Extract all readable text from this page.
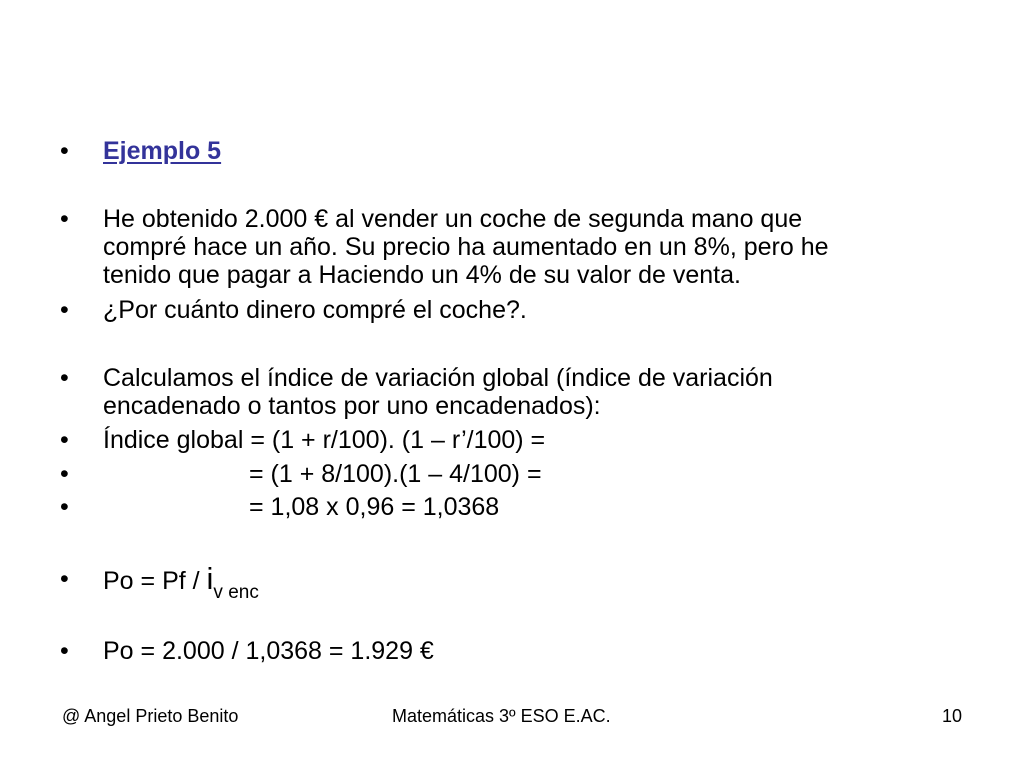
•	Ejemplo 5
•	He obtenido 2.000 € al vender un coche de segunda mano que
compré hace un año. Su precio ha aumentado en un 8%, pero he
tenido que pagar a Haciendo un 4% de su valor de venta.
•	¿Por cuánto dinero compré el coche?.
•	Calculamos el índice de variación global (índice de variación
encadenado o tantos por uno encadenados):
•	Índice global = (1 + r/100). (1 – r’/100) =
•	= (1 + 8/100).(1 – 4/100) =
•	= 1,08 x 0,96 = 1,0368
•	$Po = Pf / i_{v enc}$
•	Po = 2.000 / 1,0368 = 1.929 €
@ Angel Prieto Benito	Matemáticas 3º ESO E.AC.	10
